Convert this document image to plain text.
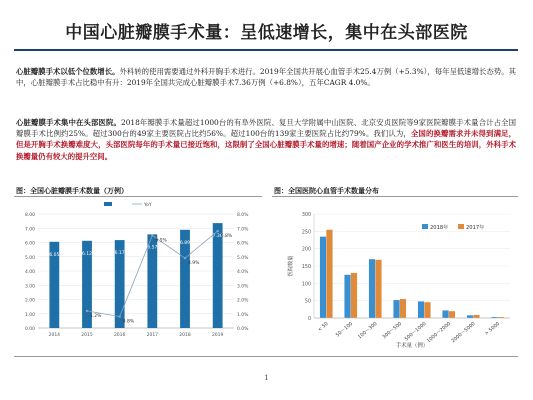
中国心脏瓣膜手术量：呈低速增长，集中在头部医院
心脏瓣膜手术以低个位数增长。外科转的使用需要通过外科开胸手术进行。2019年全国共开展心血管手术25.4万例（+5.3%），每年呈低速增长态势。其中，心脏瓣膜手术占比稳中有升：2019年全国共完成心脏瓣膜手术7.36万例（+6.8%），五年CAGR 4.0%。
心脏瓣膜手术集中在头部医院。2018年瓣膜手术量超过1000台的有阜外医院、复旦大学附属中山医院、北京安贞医院等9家医院瓣膜手术量合计占全国瓣膜手术比例约25%。超过300台的49家主要医院占比约56%。超过100台的139家主要医院占比约79%。我们认为，全国的换瓣需求并未得到满足，但是开胸手术换瓣难度大，头部医院每年的手术量已接近饱和，这限制了全国心脏瓣膜手术量的增速；随着国产企业的学术推广和医生的培训，外科手术换瓣量仍有较大的提升空间。
图：全国心脏瓣膜手术数量（万例）	图：全国医院心血管手术数量分布
0.00
1.00
2.00
3.00
4.00
5.00
6.00
7.00
8.00
0.0%
1.0%
2.0%
3.0%
4.0%
5.0%
6.0%
7.0%
8.0%
6.05
2014
6.12
2015
6.17
2016
6.57
2017
6.89
2018
7.36
2019
1.2%
0.8%
6.5%
4.9%
6.8%
YoY
0
50
100
150
200
250
300
< 50 50～100 100～300 300～500 500～1000
1000～2000
2000～5000 > 5000
医院数量
手术量（例）
2018年	2017年
1
